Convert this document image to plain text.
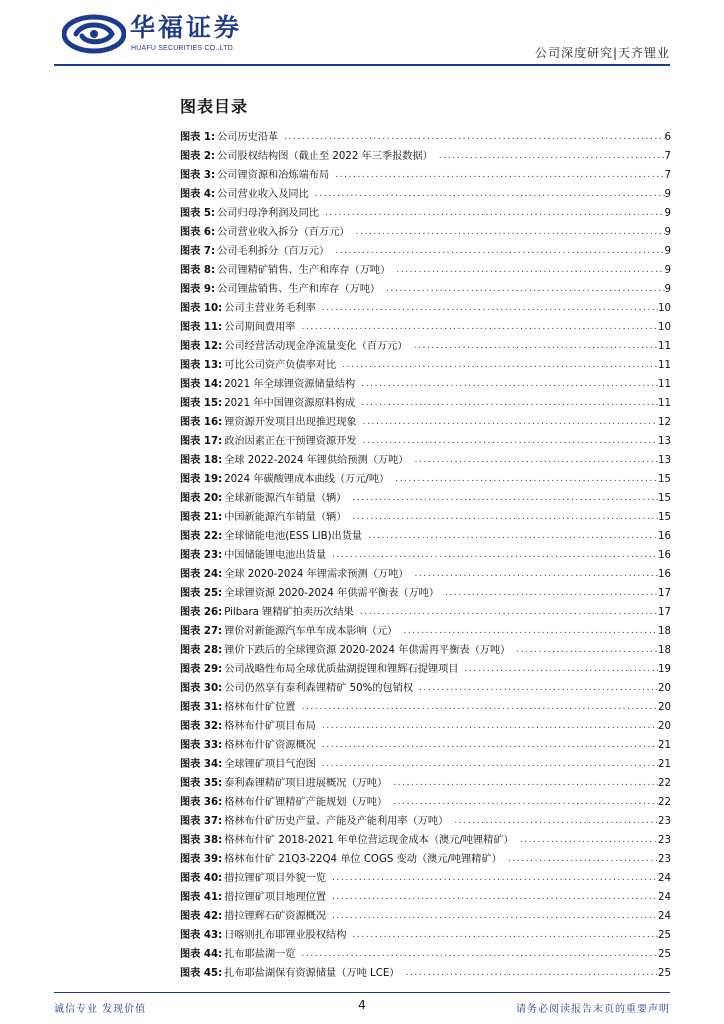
华福证券
HUAFU SECURITIES CO.,LTD.	公司深度研究|天齐锂业
图表目录
图表 1: 公司历史沿革 .....	6
图表 2: 公司股权结构图（截止至 2022 年三季报数据） .....	7
图表 3: 公司锂资源和冶炼端布局 .....	7
图表 4: 公司营业收入及同比 .....	9
图表 5: 公司归母净利润及同比 .....	9
图表 6: 公司营业收入拆分（百万元） .....	9
图表 7: 公司毛利拆分（百万元） .....	9
图表 8: 公司锂精矿销售、生产和库存（万吨） .....	9
图表 9: 公司锂盐销售、生产和库存（万吨） .....	9
图表 10: 公司主营业务毛利率 .....	10
图表 11: 公司期间费用率 .....	10
图表 12: 公司经营活动现金净流量变化（百万元） .....	11
图表 13: 可比公司资产负债率对比 .....	11
图表 14: 2021 年全球锂资源储量结构 .....	11
图表 15: 2021 年中国锂资源原料构成 .....	11
图表 16: 锂资源开发项目出现推迟现象 .....	12
图表 17: 政治因素正在干预锂资源开发 .....	13
图表 18: 全球 2022-2024 年锂供给预测（万吨） .....	13
图表 19: 2024 年碳酸锂成本曲线（万元/吨） .....	15
图表 20: 全球新能源汽车销量（辆） .....	15
图表 21: 中国新能源汽车销量（辆） .....	15
图表 22: 全球储能电池(ESS LIB)出货量 .....	16
图表 23: 中国储能锂电池出货量 .....	16
图表 24: 全球 2020-2024 年锂需求预测（万吨） .....	16
图表 25: 全球锂资源 2020-2024 年供需平衡表（万吨） .....	17
图表 26: Pilbara 锂精矿拍卖历次结果 .....	17
图表 27: 锂价对新能源汽车单车成本影响（元） .....	18
图表 28: 锂价下跌后的全球锂资源 2020-2024 年供需再平衡表（万吨） .....	18
图表 29: 公司战略性布局全球优质盐湖提锂和锂辉石提锂项目 .....	19
图表 30: 公司仍然享有泰利森锂精矿 50%的包销权 .....	20
图表 31: 格林布什矿位置 .....	20
图表 32: 格林布什矿项目布局 .....	20
图表 33: 格林布什矿资源概况 .....	21
图表 34: 全球锂矿项目气泡图 .....	21
图表 35: 泰利森锂精矿项目进展概况（万吨） .....	22
图表 36: 格林布什矿锂精矿产能规划（万吨） .....	22
图表 37: 格林布什矿历史产量、产能及产能利用率（万吨） .....	23
图表 38: 格林布什矿 2018-2021 年单位营运现金成本（澳元/吨锂精矿） .....	23
图表 39: 格林布什矿 21Q3-22Q4 单位 COGS 变动（澳元/吨锂精矿） .....	23
图表 40: 措拉锂矿项目外貌一览 .....	24
图表 41: 措拉锂矿项目地理位置 .....	24
图表 42: 措拉锂辉石矿资源概况 .....	24
图表 43: 日喀则扎布耶锂业股权结构 .....	25
图表 44: 扎布耶盐湖一览 .....	25
图表 45: 扎布耶盐湖保有资源储量（万吨 LCE） .....	25
诚信专业 发现价值	4	请务必阅读报告末页的重要声明
